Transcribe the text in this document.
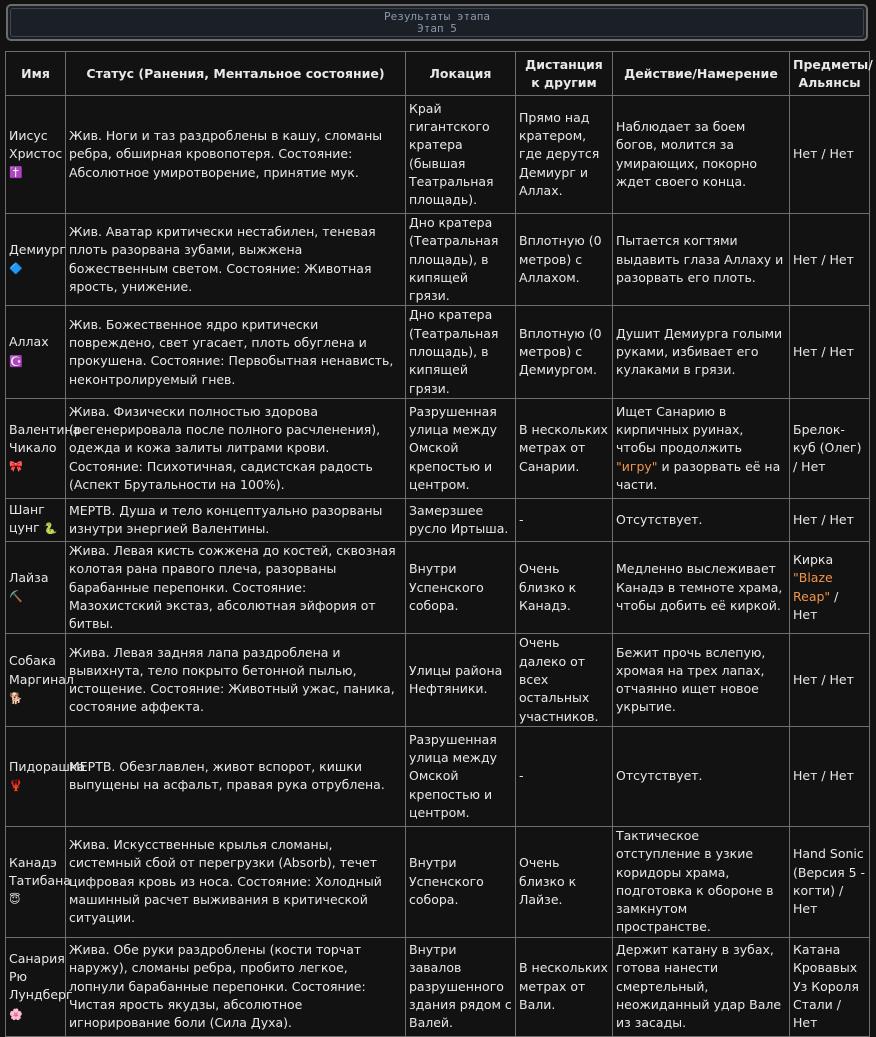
Результаты этапа
Этап 5
Имя	Статус (Ранения, Ментальное состояние)	Локация	Дистанция к другим	Действие/Намерение	Предметы/Альянсы
Иисус Христос ✝️	Жив. Ноги и таз раздроблены в кашу, сломаны ребра, обширная кровопотеря. Состояние: Абсолютное умиротворение, принятие мук.	Край гигантского кратера (бывшая Театральная площадь).	Прямо над кратером, где дерутся Демиург и Аллах.	Наблюдает за боем богов, молится за умирающих, покорно ждет своего конца.	Нет / Нет
Демиург 🔷	Жив. Аватар критически нестабилен, теневая плоть разорвана зубами, выжжена божественным светом. Состояние: Животная ярость, унижение.	Дно кратера (Театральная площадь), в кипящей грязи.	Вплотную (0 метров) с Аллахом.	Пытается когтями выдавить глаза Аллаху и разорвать его плоть.	Нет / Нет
Аллах ☪️	Жив. Божественное ядро критически повреждено, свет угасает, плоть обуглена и прокушена. Состояние: Первобытная ненависть, неконтролируемый гнев.	Дно кратера (Театральная площадь), в кипящей грязи.	Вплотную (0 метров) с Демиургом.	Душит Демиурга голыми руками, избивает его кулаками в грязи.	Нет / Нет
Валентина Чикало 🎀	Жива. Физически полностью здорова (регенерировала после полного расчленения), одежда и кожа залиты литрами крови. Состояние: Психотичная, садистская радость (Аспект Брутальности на 100%).	Разрушенная улица между Омской крепостью и центром.	В нескольких метрах от Санарии.	Ищет Санарию в кирпичных руинах, чтобы продолжить "игру" и разорвать её на части.	Брелок-куб (Олег) / Нет
Шанг цунг 🐍	МЕРТВ. Душа и тело концептуально разорваны изнутри энергией Валентины.	Замерзшее русло Иртыша.	-	Отсутствует.	Нет / Нет
Лайза ⛏️	Жива. Левая кисть сожжена до костей, сквозная колотая рана правого плеча, разорваны барабанные перепонки. Состояние: Мазохистский экстаз, абсолютная эйфория от битвы.	Внутри Успенского собора.	Очень близко к Канадэ.	Медленно выслеживает Канадэ в темноте храма, чтобы добить её киркой.	Кирка "Blaze Reap" / Нет
Собака Маргинал 🐕	Жива. Левая задняя лапа раздроблена и вывихнута, тело покрыто бетонной пылью, истощение. Состояние: Животный ужас, паника, состояние аффекта.	Улицы района Нефтяники.	Очень далеко от всех остальных участников.	Бежит прочь вслепую, хромая на трех лапах, отчаянно ищет новое укрытие.	Нет / Нет
Пидорашка 🦞	МЕРТВ. Обезглавлен, живот вспорот, кишки выпущены на асфальт, правая рука отрублена.	Разрушенная улица между Омской крепостью и центром.	-	Отсутствует.	Нет / Нет
Канадэ Татибана 😇	Жива. Искусственные крылья сломаны, системный сбой от перегрузки (Absorb), течет цифровая кровь из носа. Состояние: Холодный машинный расчет выживания в критической ситуации.	Внутри Успенского собора.	Очень близко к Лайзе.	Тактическое отступление в узкие коридоры храма, подготовка к обороне в замкнутом пространстве.	Hand Sonic (Версия 5 - когти) / Нет
Санария Рю Лундберг 🌸	Жива. Обе руки раздроблены (кости торчат наружу), сломаны ребра, пробито легкое, лопнули барабанные перепонки. Состояние: Чистая ярость якудзы, абсолютное игнорирование боли (Сила Духа).	Внутри завалов разрушенного здания рядом с Валей.	В нескольких метрах от Вали.	Держит катану в зубах, готова нанести смертельный, неожиданный удар Вале из засады.	Катана Кровавых Уз Короля Стали / Нет
